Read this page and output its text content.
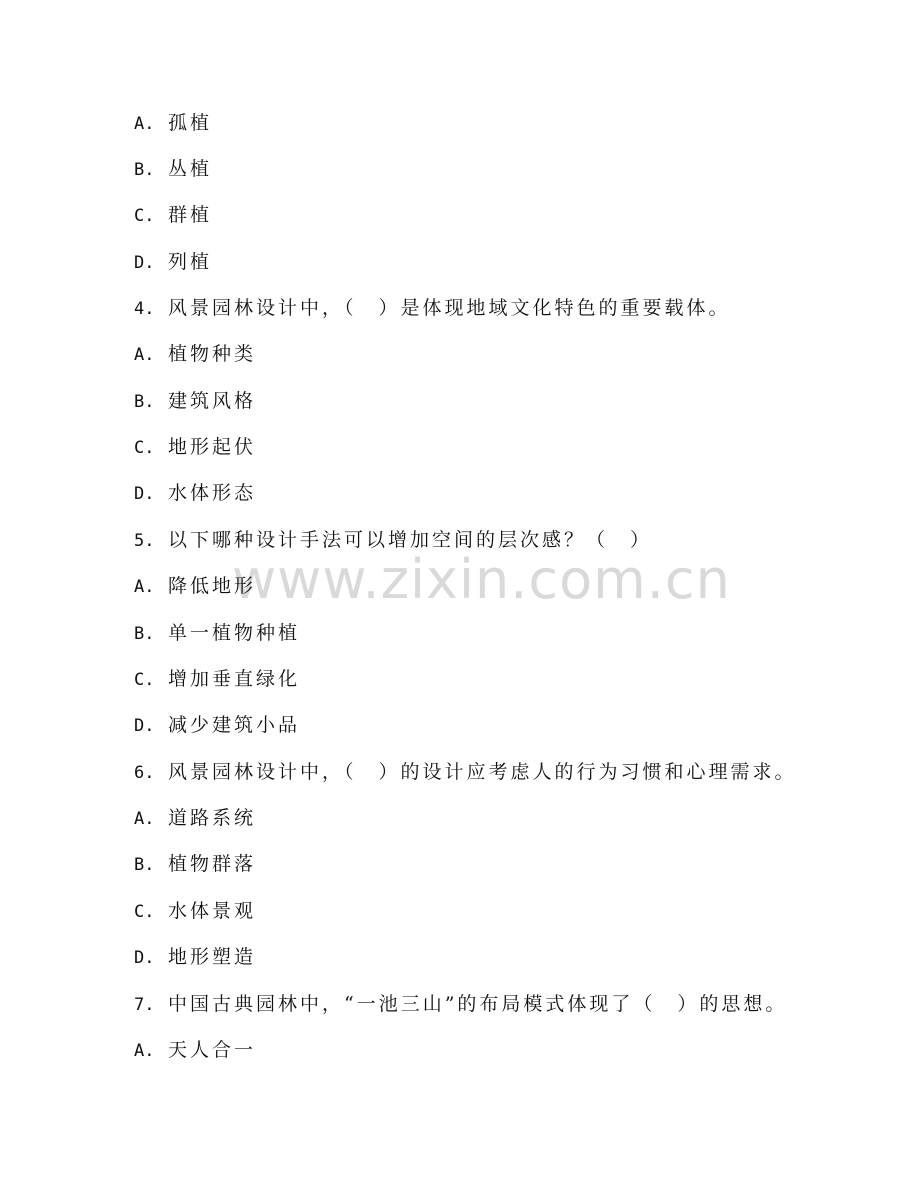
www.zixin.com.cn
A. 孤植
B. 丛植
C. 群植
D. 列植
4. 风景园林设计中，（　）是体现地域文化特色的重要载体。
A. 植物种类
B. 建筑风格
C. 地形起伏
D. 水体形态
5. 以下哪种设计手法可以增加空间的层次感？（　）
A. 降低地形
B. 单一植物种植
C. 增加垂直绿化
D. 减少建筑小品
6. 风景园林设计中，（　）的设计应考虑人的行为习惯和心理需求。
A. 道路系统
B. 植物群落
C. 水体景观
D. 地形塑造
7. 中国古典园林中，“一池三山”的布局模式体现了（　）的思想。
A. 天人合一
